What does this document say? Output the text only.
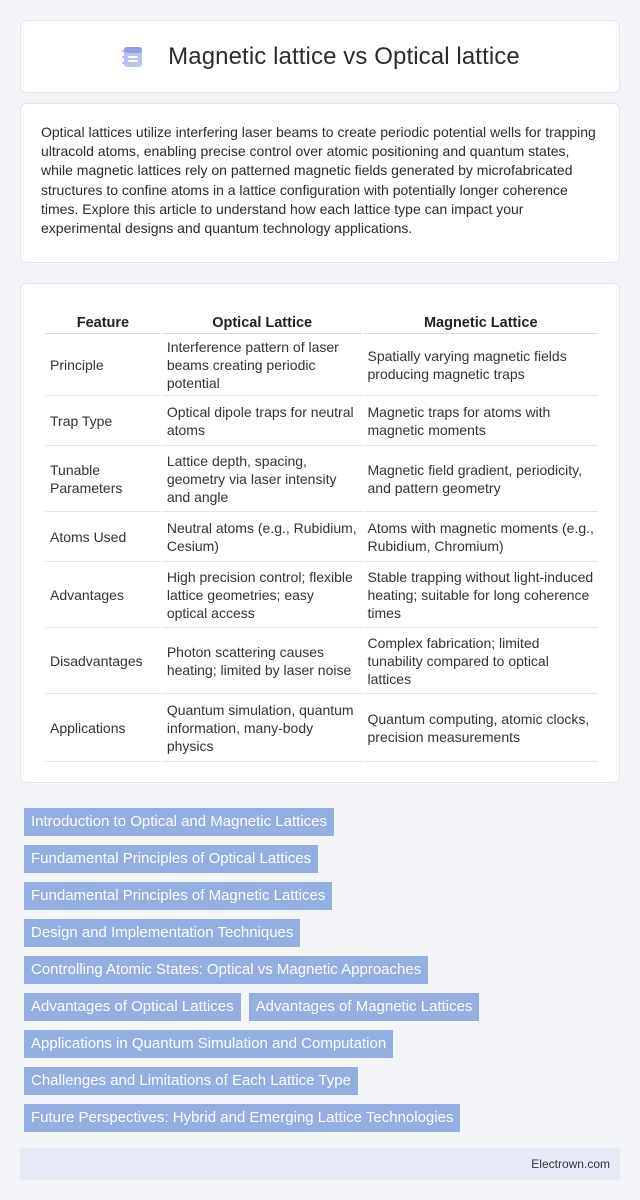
Magnetic lattice vs Optical lattice

Optical lattices utilize interfering laser beams to create periodic potential wells for trapping ultracold atoms, enabling precise control over atomic positioning and quantum states, while magnetic lattices rely on patterned magnetic fields generated by microfabricated structures to confine atoms in a lattice configuration with potentially longer coherence times. Explore this article to understand how each lattice type can impact your experimental designs and quantum technology applications.

Feature	Optical Lattice	Magnetic Lattice
Principle	Interference pattern of laser beams creating periodic potential	Spatially varying magnetic fields producing magnetic traps
Trap Type	Optical dipole traps for neutral atoms	Magnetic traps for atoms with magnetic moments
Tunable Parameters	Lattice depth, spacing, geometry via laser intensity and angle	Magnetic field gradient, periodicity, and pattern geometry
Atoms Used	Neutral atoms (e.g., Rubidium, Cesium)	Atoms with magnetic moments (e.g., Rubidium, Chromium)
Advantages	High precision control; flexible lattice geometries; easy optical access	Stable trapping without light-induced heating; suitable for long coherence times
Disadvantages	Photon scattering causes heating; limited by laser noise	Complex fabrication; limited tunability compared to optical lattices
Applications	Quantum simulation, quantum information, many-body physics	Quantum computing, atomic clocks, precision measurements
Introduction to Optical and Magnetic Lattices
Fundamental Principles of Optical Lattices
Fundamental Principles of Magnetic Lattices
Design and Implementation Techniques
Controlling Atomic States: Optical vs Magnetic Approaches
Advantages of Optical Lattices	Advantages of Magnetic Lattices
Applications in Quantum Simulation and Computation
Challenges and Limitations of Each Lattice Type
Future Perspectives: Hybrid and Emerging Lattice Technologies
Electrown.com
